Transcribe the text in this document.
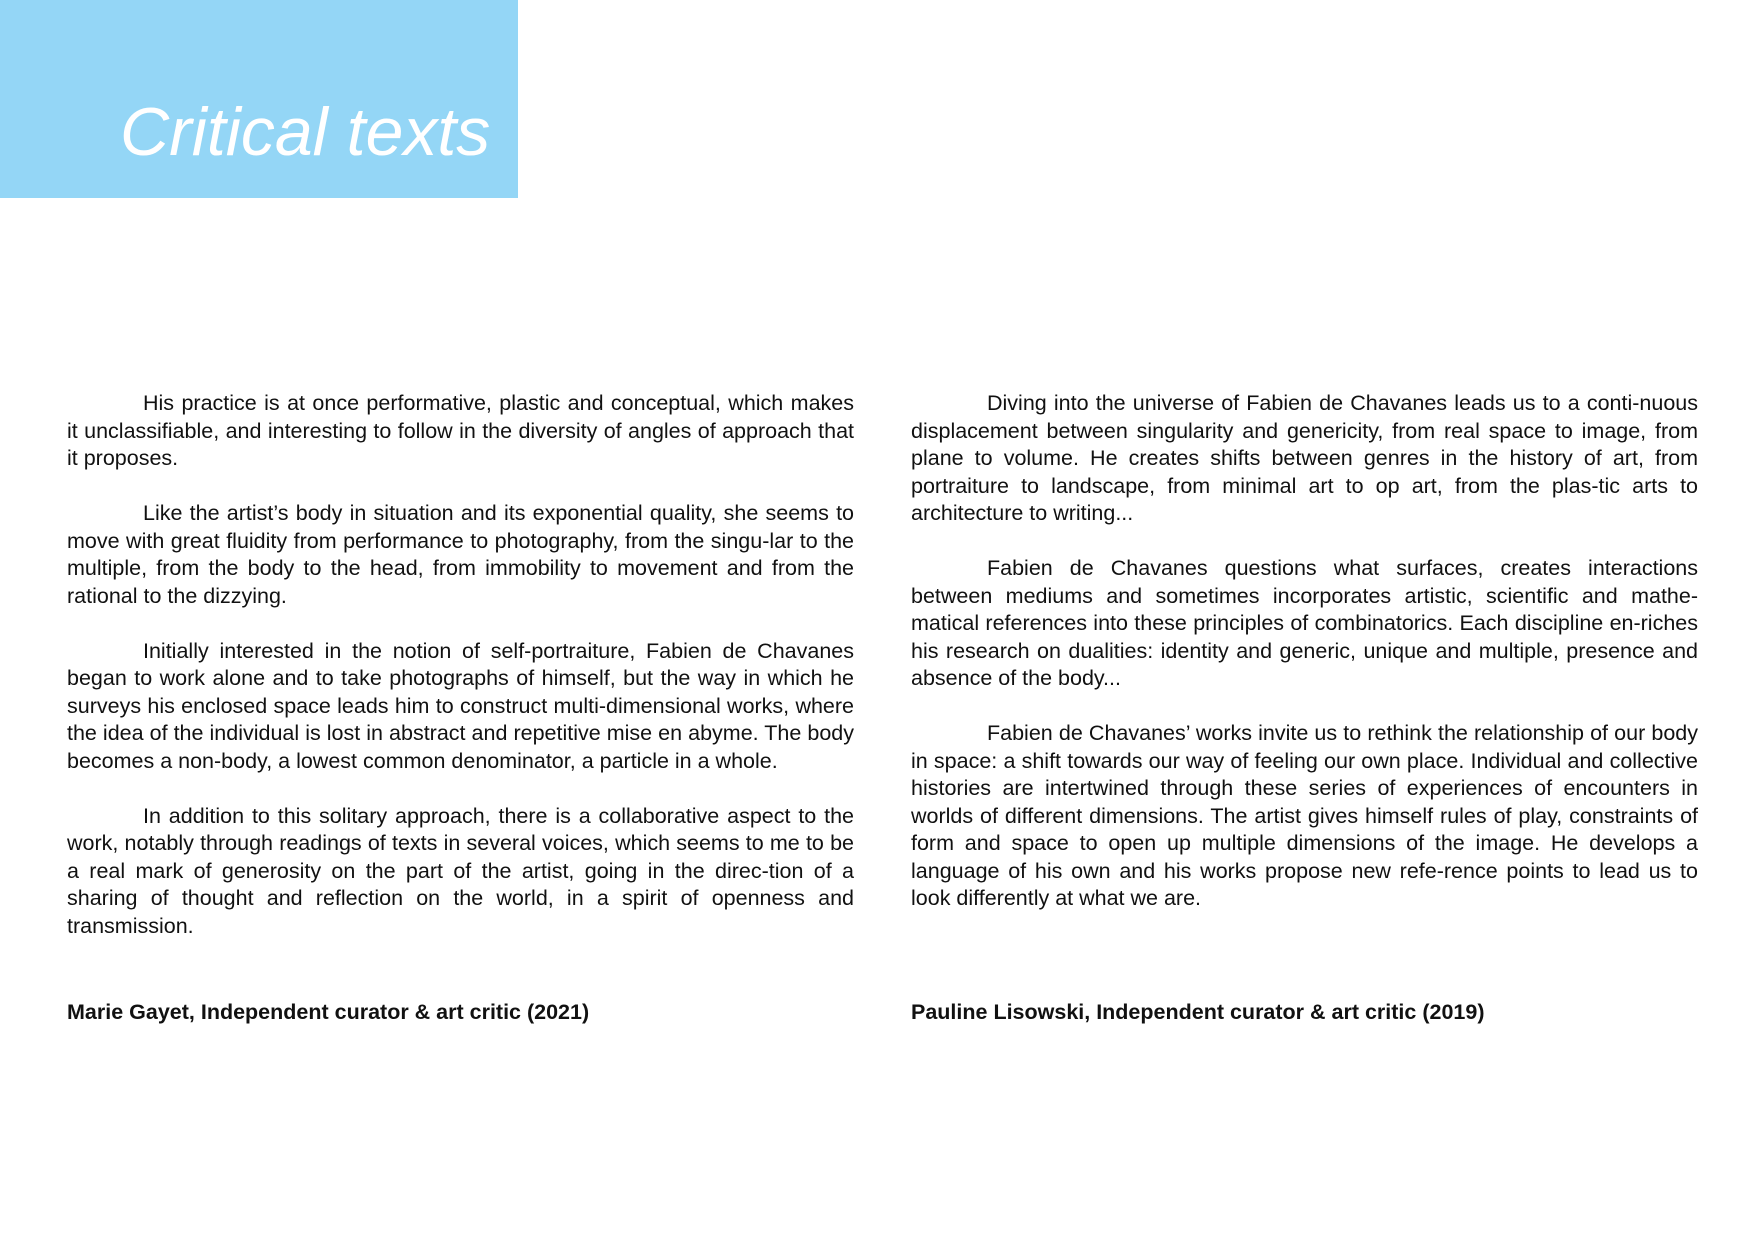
Critical texts

His practice is at once performative, plastic and conceptual, which makes it unclassifiable, and interesting to follow in the diversity of angles of approach that it proposes.

Like the artist’s body in situation and its exponential quality, she seems to move with great fluidity from performance to photography, from the singu-lar to the multiple, from the body to the head, from immobility to movement and from the rational to the dizzying.

Initially interested in the notion of self-portraiture, Fabien de Chavanes began to work alone and to take photographs of himself, but the way in which he surveys his enclosed space leads him to construct multi-dimensional works, where the idea of the individual is lost in abstract and repetitive mise en abyme. The body becomes a non-body, a lowest common denominator, a particle in a whole.

In addition to this solitary approach, there is a collaborative aspect to the work, notably through readings of texts in several voices, which seems to me to be a real mark of generosity on the part of the artist, going in the direc-tion of a sharing of thought and reflection on the world, in a spirit of openness and transmission.

Marie Gayet, Independent curator & art critic (2021)

Diving into the universe of Fabien de Chavanes leads us to a conti-nuous displacement between singularity and genericity, from real space to image, from plane to volume. He creates shifts between genres in the history of art, from portraiture to landscape, from minimal art to op art, from the plas-tic arts to architecture to writing...

Fabien de Chavanes questions what surfaces, creates interactions between mediums and sometimes incorporates artistic, scientific and mathe-matical references into these principles of combinatorics. Each discipline en-riches his research on dualities: identity and generic, unique and multiple, presence and absence of the body...

Fabien de Chavanes’ works invite us to rethink the relationship of our body in space: a shift towards our way of feeling our own place. Individual and collective histories are intertwined through these series of experiences of encounters in worlds of different dimensions. The artist gives himself rules of play, constraints of form and space to open up multiple dimensions of the image. He develops a language of his own and his works propose new refe-rence points to lead us to look differently at what we are.

Pauline Lisowski, Independent curator & art critic (2019)
